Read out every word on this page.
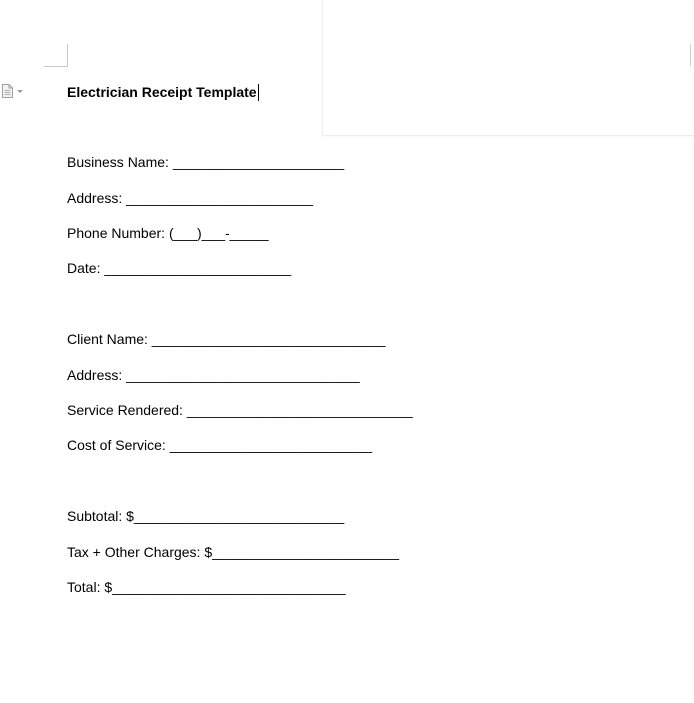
Electrician Receipt Template
Business Name: ______________________
Address: ________________________
Phone Number: (___)___-_____
Date: ________________________
Client Name: ______________________________
Address: ______________________________
Service Rendered: _____________________________
Cost of Service: __________________________
Subtotal: $___________________________
Tax + Other Charges: $________________________
Total: $______________________________
